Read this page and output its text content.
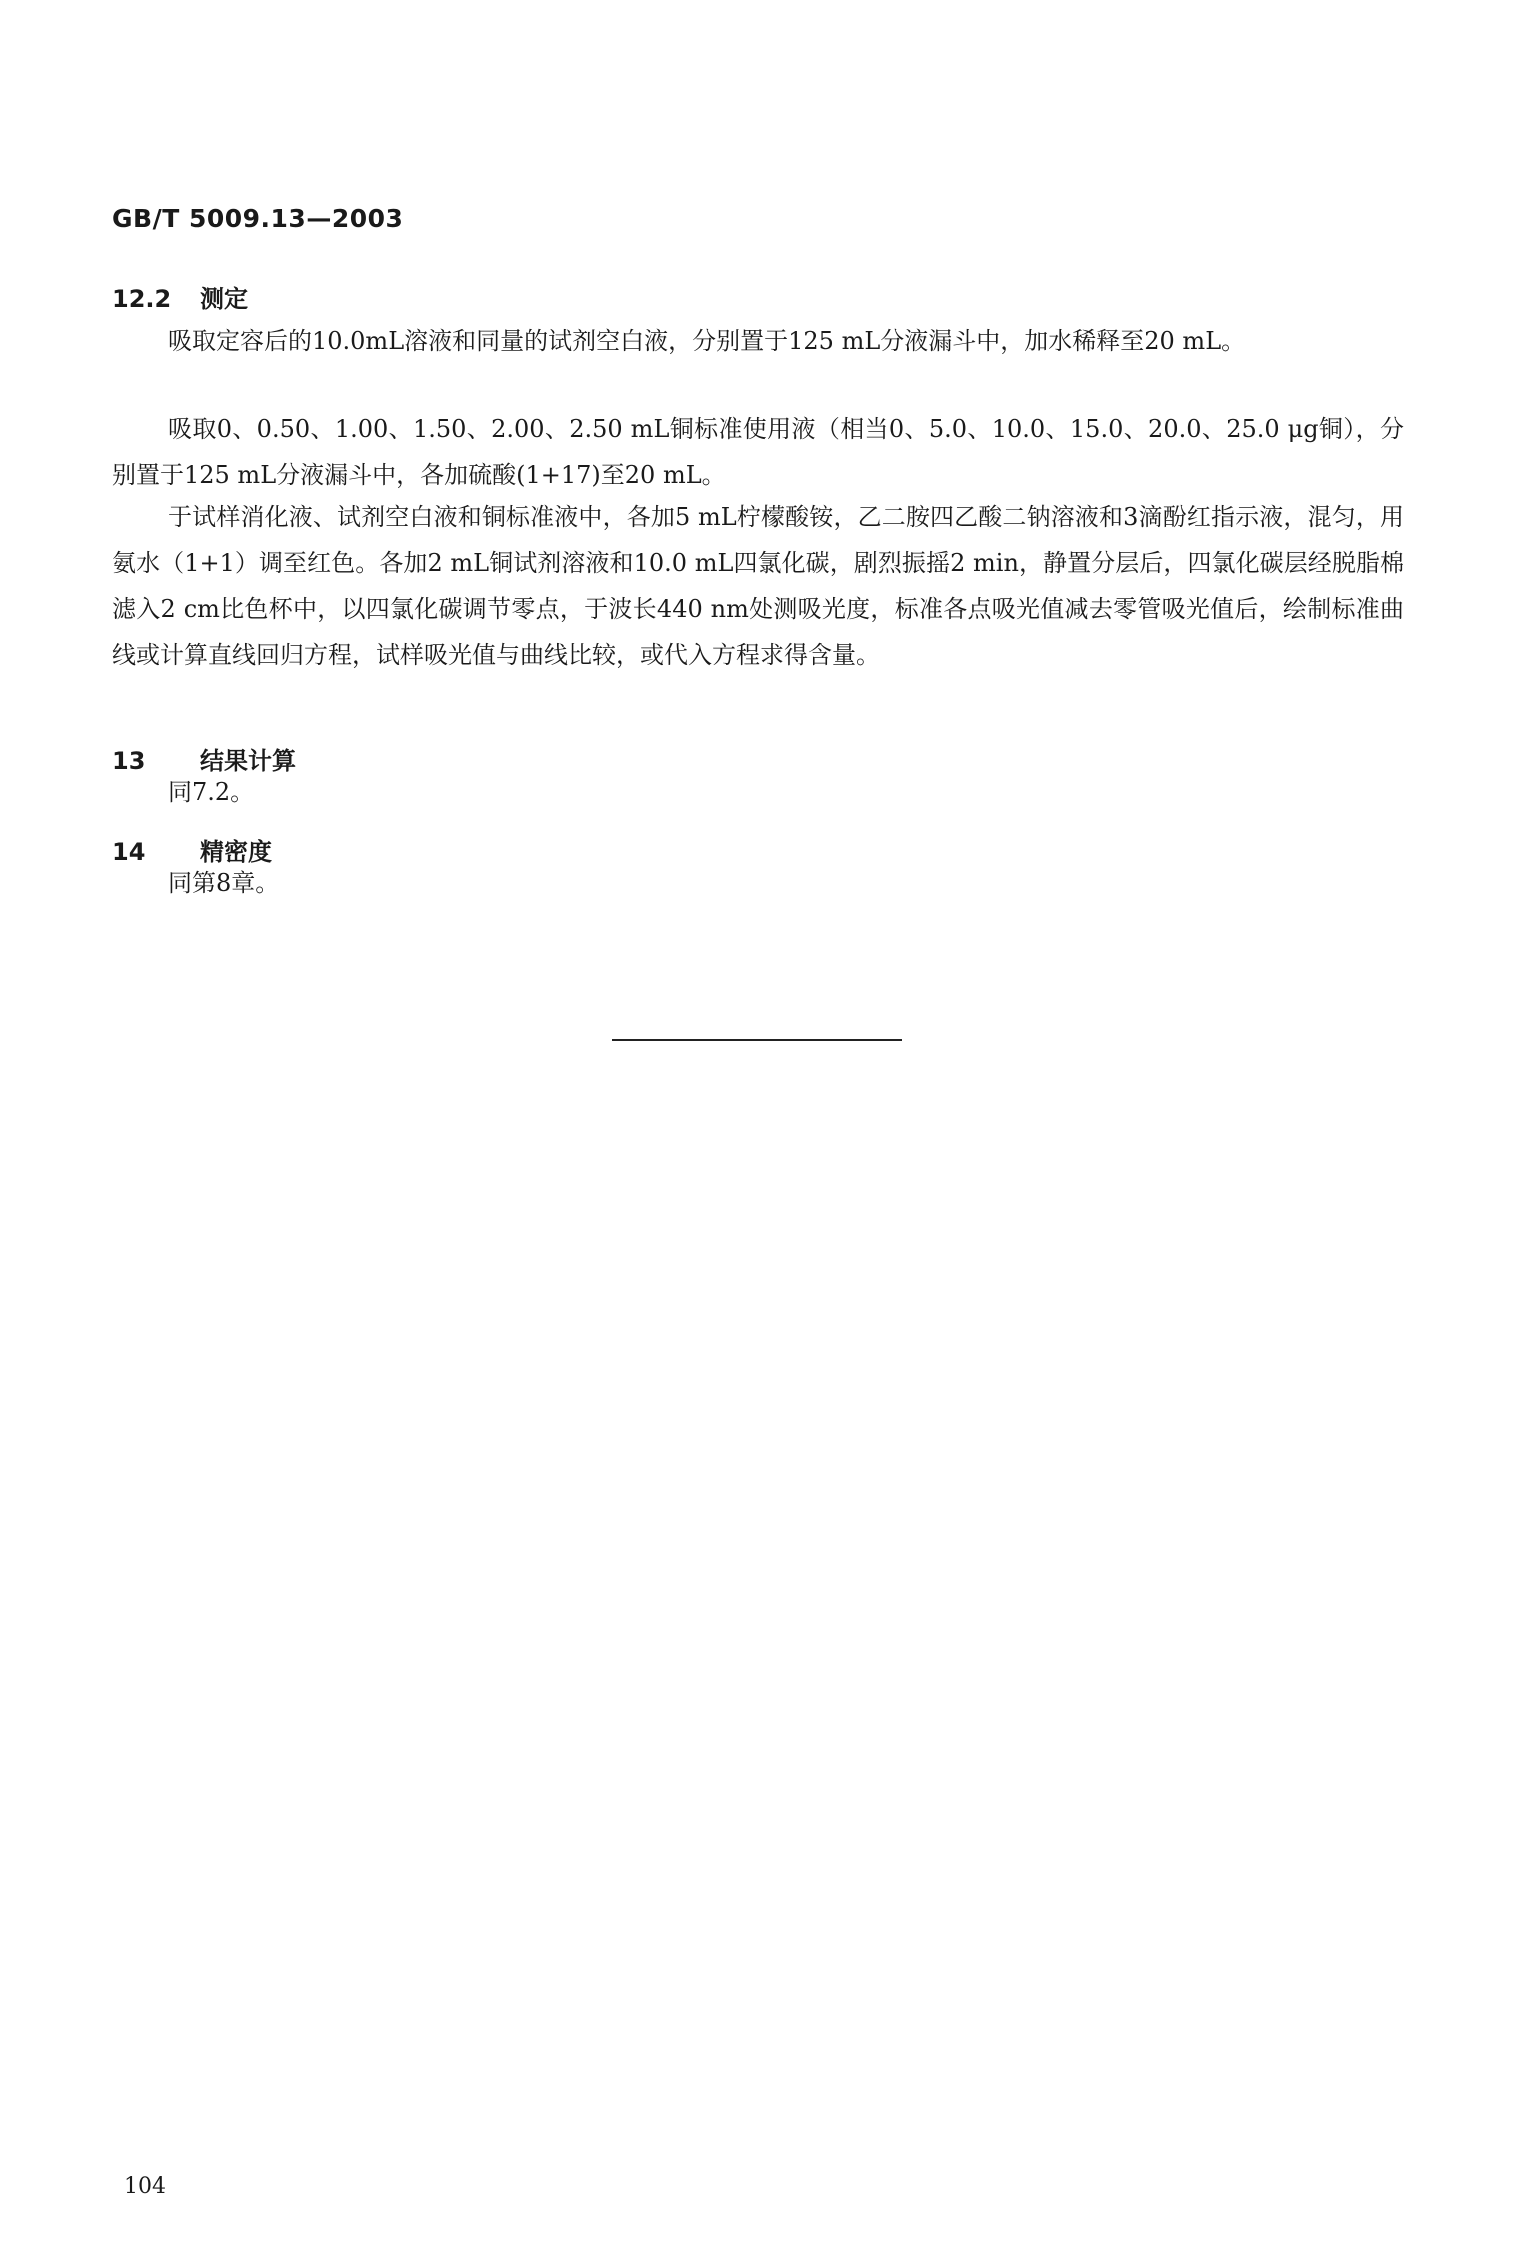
GB/T 5009.13—2003
12.2 测定

吸取定容后的10.0mL溶液和同量的试剂空白液，分别置于125 mL分液漏斗中，加水稀释至20 mL。

吸取0、0.50、1.00、1.50、2.00、2.50 mL铜标准使用液（相当0、5.0、10.0、15.0、20.0、25.0 μg铜），分别置于125 mL分液漏斗中，各加硫酸(1+17)至20 mL。

于试样消化液、试剂空白液和铜标准液中，各加5 mL柠檬酸铵，乙二胺四乙酸二钠溶液和3滴酚红指示液，混匀，用氨水（1+1）调至红色。各加2 mL铜试剂溶液和10.0 mL四氯化碳，剧烈振摇2 min，静置分层后，四氯化碳层经脱脂棉滤入2 cm比色杯中，以四氯化碳调节零点，于波长440 nm处测吸光度，标准各点吸光值减去零管吸光值后，绘制标准曲线或计算直线回归方程，试样吸光值与曲线比较，或代入方程求得含量。

13 结果计算
同7.2。
14 精密度
同第8章。
104
